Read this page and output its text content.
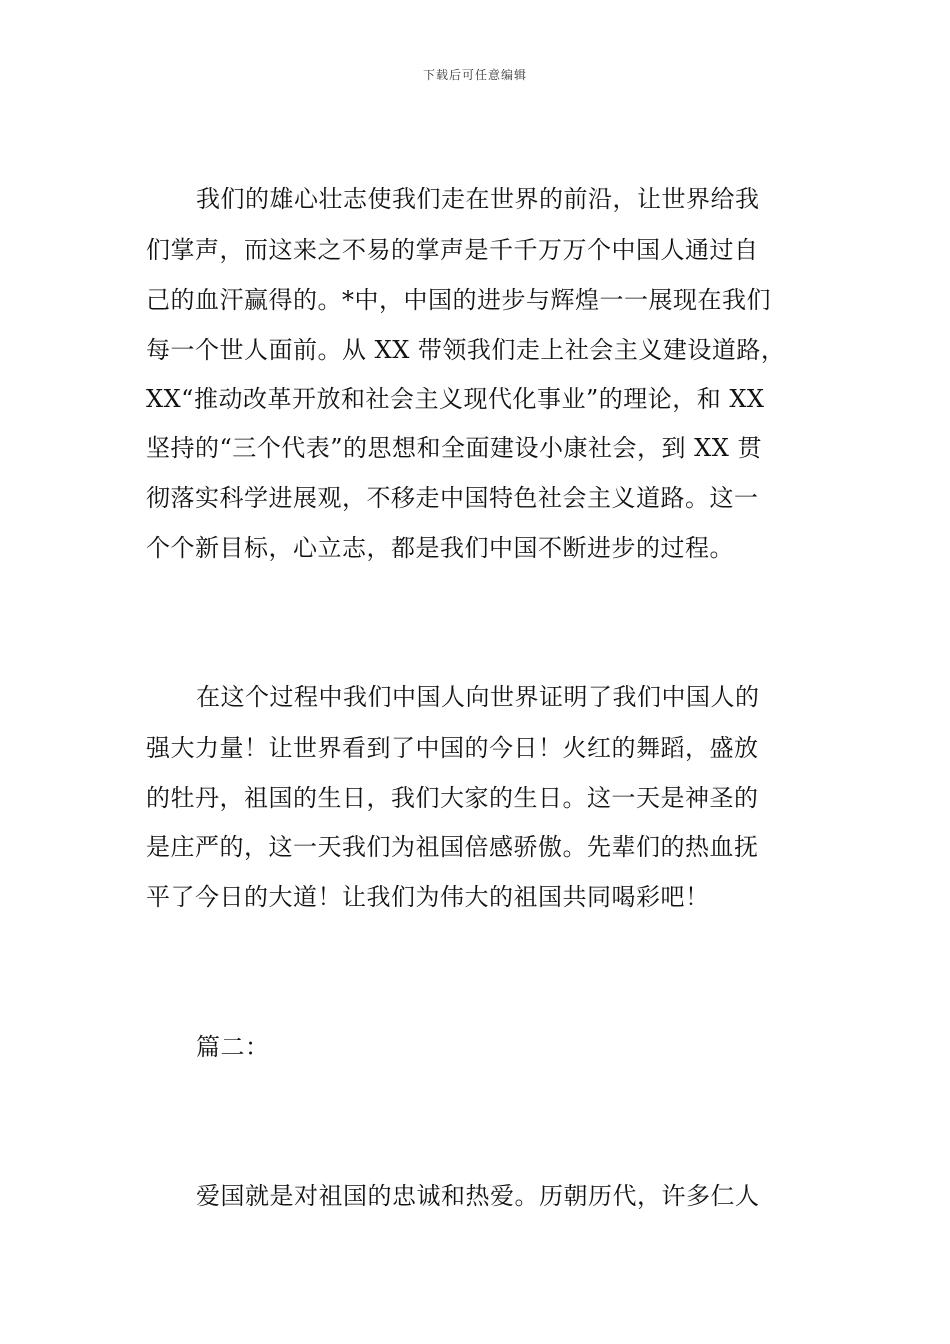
下载后可任意编辑
我们的雄心壮志使我们走在世界的前沿，让世界给我
们掌声，而这来之不易的掌声是千千万万个中国人通过自
己的血汗赢得的。*中，中国的进步与辉煌一一展现在我们
每一个世人面前。从 XX 带领我们走上社会主义建设道路，
XX“推动改革开放和社会主义现代化事业”的理论，和 XX
坚持的“三个代表”的思想和全面建设小康社会，到 XX 贯
彻落实科学进展观，不移走中国特色社会主义道路。这一
个个新目标，心立志，都是我们中国不断进步的过程。
在这个过程中我们中国人向世界证明了我们中国人的
强大力量！让世界看到了中国的今日！火红的舞蹈，盛放
的牡丹，祖国的生日，我们大家的生日。这一天是神圣的
是庄严的，这一天我们为祖国倍感骄傲。先辈们的热血抚
平了今日的大道！让我们为伟大的祖国共同喝彩吧！
篇二：
爱国就是对祖国的忠诚和热爱。历朝历代，许多仁人
